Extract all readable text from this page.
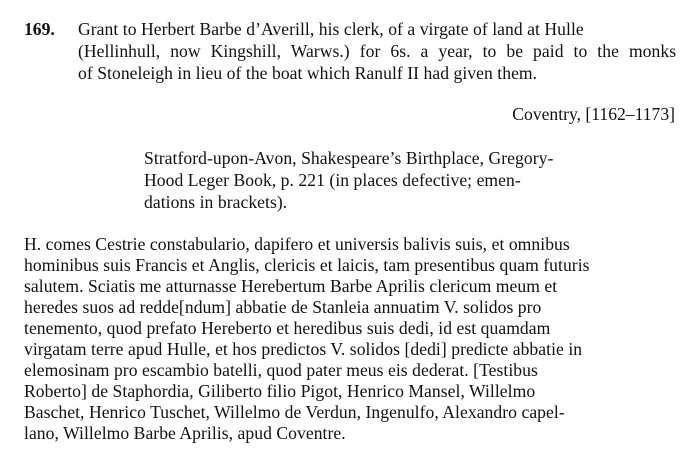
169. Grant to Herbert Barbe d’Averill, his clerk, of a virgate of land at Hulle
(Hellinhull, now Kingshill, Warws.) for 6s. a year, to be paid to the monks
of Stoneleigh in lieu of the boat which Ranulf II had given them.
Coventry, [1162–1173]
Stratford-upon-Avon, Shakespeare’s Birthplace, Gregory-
Hood Leger Book, p. 221 (in places defective; emen-
dations in brackets).
H. comes Cestrie constabulario, dapifero et universis balivis suis, et omnibus
hominibus suis Francis et Anglis, clericis et laicis, tam presentibus quam futuris
salutem. Sciatis me atturnasse Herebertum Barbe Aprilis clericum meum et
heredes suos ad redde[ndum] abbatie de Stanleia annuatim V. solidos pro
tenemento, quod prefato Hereberto et heredibus suis dedi, id est quamdam
virgatam terre apud Hulle, et hos predictos V. solidos [dedi] predicte abbatie in
elemosinam pro escambio batelli, quod pater meus eis dederat. [Testibus
Roberto] de Staphordia, Giliberto filio Pigot, Henrico Mansel, Willelmo
Baschet, Henrico Tuschet, Willelmo de Verdun, Ingenulfo, Alexandro capel-
lano, Willelmo Barbe Aprilis, apud Coventre.
